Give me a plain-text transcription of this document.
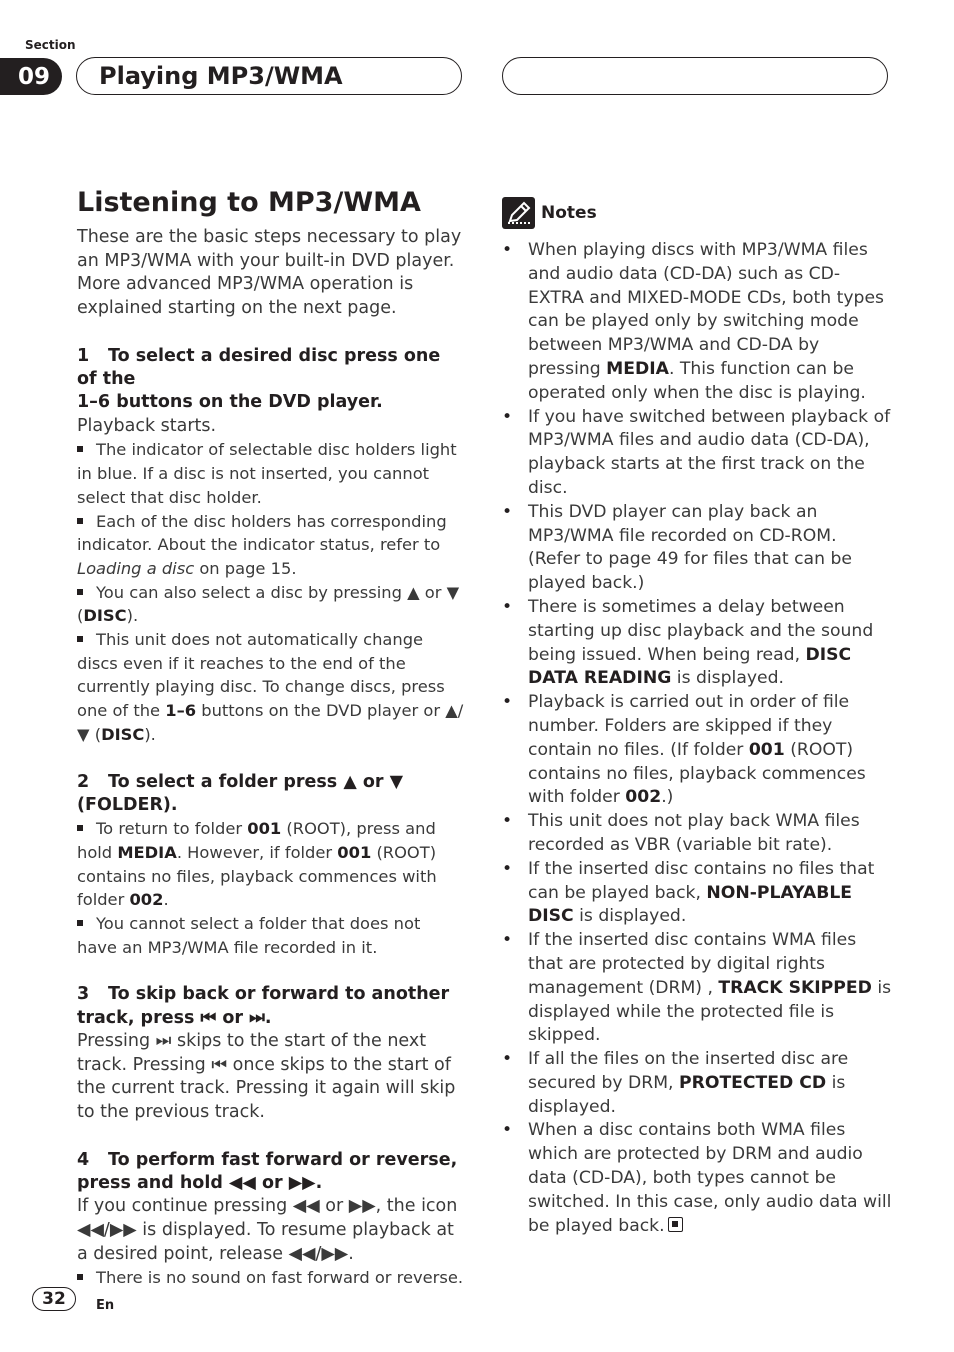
Section
09	Playing MP3/WMA
Listening to MP3/WMA

These are the basic steps necessary to play an MP3/WMA with your built-in DVD player. More advanced MP3/WMA operation is explained starting on the next page.

1 To select a desired disc press one of the
1–6 buttons on the DVD player.

Playback starts.

The indicator of selectable disc holders light in blue. If a disc is not inserted, you cannot select that disc holder.

Each of the disc holders has corresponding indicator. About the indicator status, refer to Loading a disc on page 15.

You can also select a disc by pressing ▲ or ▼ (DISC).

This unit does not automatically change discs even if it reaches to the end of the currently playing disc. To change discs, press one of the 1–6 buttons on the DVD player or ▲/▼ (DISC).

2 To select a folder press ▲ or ▼
(FOLDER).

To return to folder 001 (ROOT), press and hold MEDIA. However, if folder 001 (ROOT) contains no files, playback commences with folder 002.

You cannot select a folder that does not have an MP3/WMA file recorded in it.

3 To skip back or forward to another
track, press ⏮ or ⏭.

Pressing ⏭ skips to the start of the next track. Pressing ⏮ once skips to the start of the current track. Pressing it again will skip to the previous track.

4 To perform fast forward or reverse,
press and hold ◀◀ or ▶▶.

If you continue pressing ◀◀ or ▶▶, the icon ◀◀/▶▶ is displayed. To resume playback at a desired point, release ◀◀/▶▶.

There is no sound on fast forward or reverse.

Notes
• When playing discs with MP3/WMA files and audio data (CD-DA) such as CD-EXTRA and MIXED-MODE CDs, both types can be played only by switching mode between MP3/WMA and CD-DA by pressing MEDIA. This function can be operated only when the disc is playing.
• If you have switched between playback of MP3/WMA files and audio data (CD-DA), playback starts at the first track on the disc.
• This DVD player can play back an MP3/WMA file recorded on CD-ROM. (Refer to page 49 for files that can be played back.)
• There is sometimes a delay between starting up disc playback and the sound being issued. When being read, DISC DATA READING is displayed.
• Playback is carried out in order of file number. Folders are skipped if they contain no files. (If folder 001 (ROOT) contains no files, playback commences with folder 002.)
• This unit does not play back WMA files recorded as VBR (variable bit rate).
• If the inserted disc contains no files that can be played back, NON-PLAYABLE DISC is displayed.
• If the inserted disc contains WMA files that are protected by digital rights management (DRM) , TRACK SKIPPED is displayed while the protected file is skipped.
• If all the files on the inserted disc are secured by DRM, PROTECTED CD is displayed.
• When a disc contains both WMA files which are protected by DRM and audio data (CD-DA), both types cannot be switched. In this case, only audio data will be played back.
32	En
